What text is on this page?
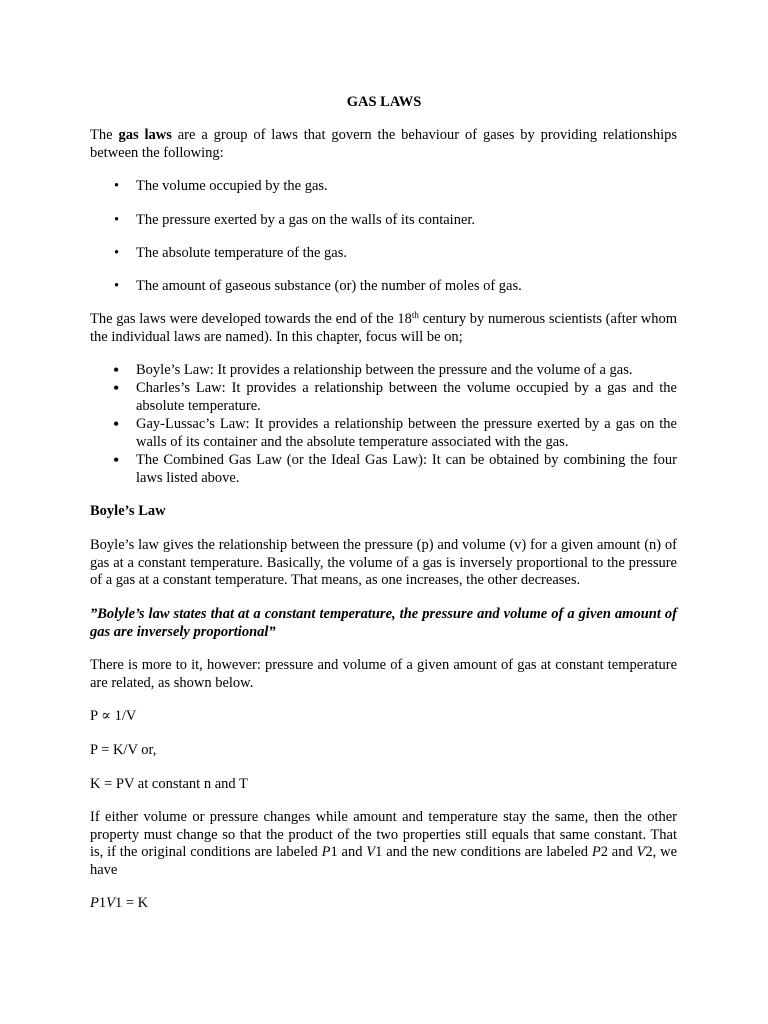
GAS LAWS

The gas laws are a group of laws that govern the behaviour of gases by providing relationships between the following:

• The volume occupied by the gas.
• The pressure exerted by a gas on the walls of its container.
• The absolute temperature of the gas.
• The amount of gaseous substance (or) the number of moles of gas.

The gas laws were developed towards the end of the 18th century by numerous scientists (after whom the individual laws are named). In this chapter, focus will be on;

• Boyle’s Law: It provides a relationship between the pressure and the volume of a gas.
• Charles’s Law: It provides a relationship between the volume occupied by a gas and the absolute temperature.
• Gay-Lussac’s Law: It provides a relationship between the pressure exerted by a gas on the walls of its container and the absolute temperature associated with the gas.
• The Combined Gas Law (or the Ideal Gas Law): It can be obtained by combining the four laws listed above.

Boyle’s Law

Boyle’s law gives the relationship between the pressure (p) and volume (v) for a given amount (n) of gas at a constant temperature. Basically, the volume of a gas is inversely proportional to the pressure of a gas at a constant temperature. That means, as one increases, the other decreases.

”Bolyle’s law states that at a constant temperature, the pressure and volume of a given amount of gas are inversely proportional”

There is more to it, however: pressure and volume of a given amount of gas at constant temperature are related, as shown below.

P ∝ 1/V

P = K/V or,

K = PV at constant n and T

If either volume or pressure changes while amount and temperature stay the same, then the other property must change so that the product of the two properties still equals that same constant. That is, if the original conditions are labeled P1 and V1 and the new conditions are labeled P2 and V2, we have

P1V1 = K
